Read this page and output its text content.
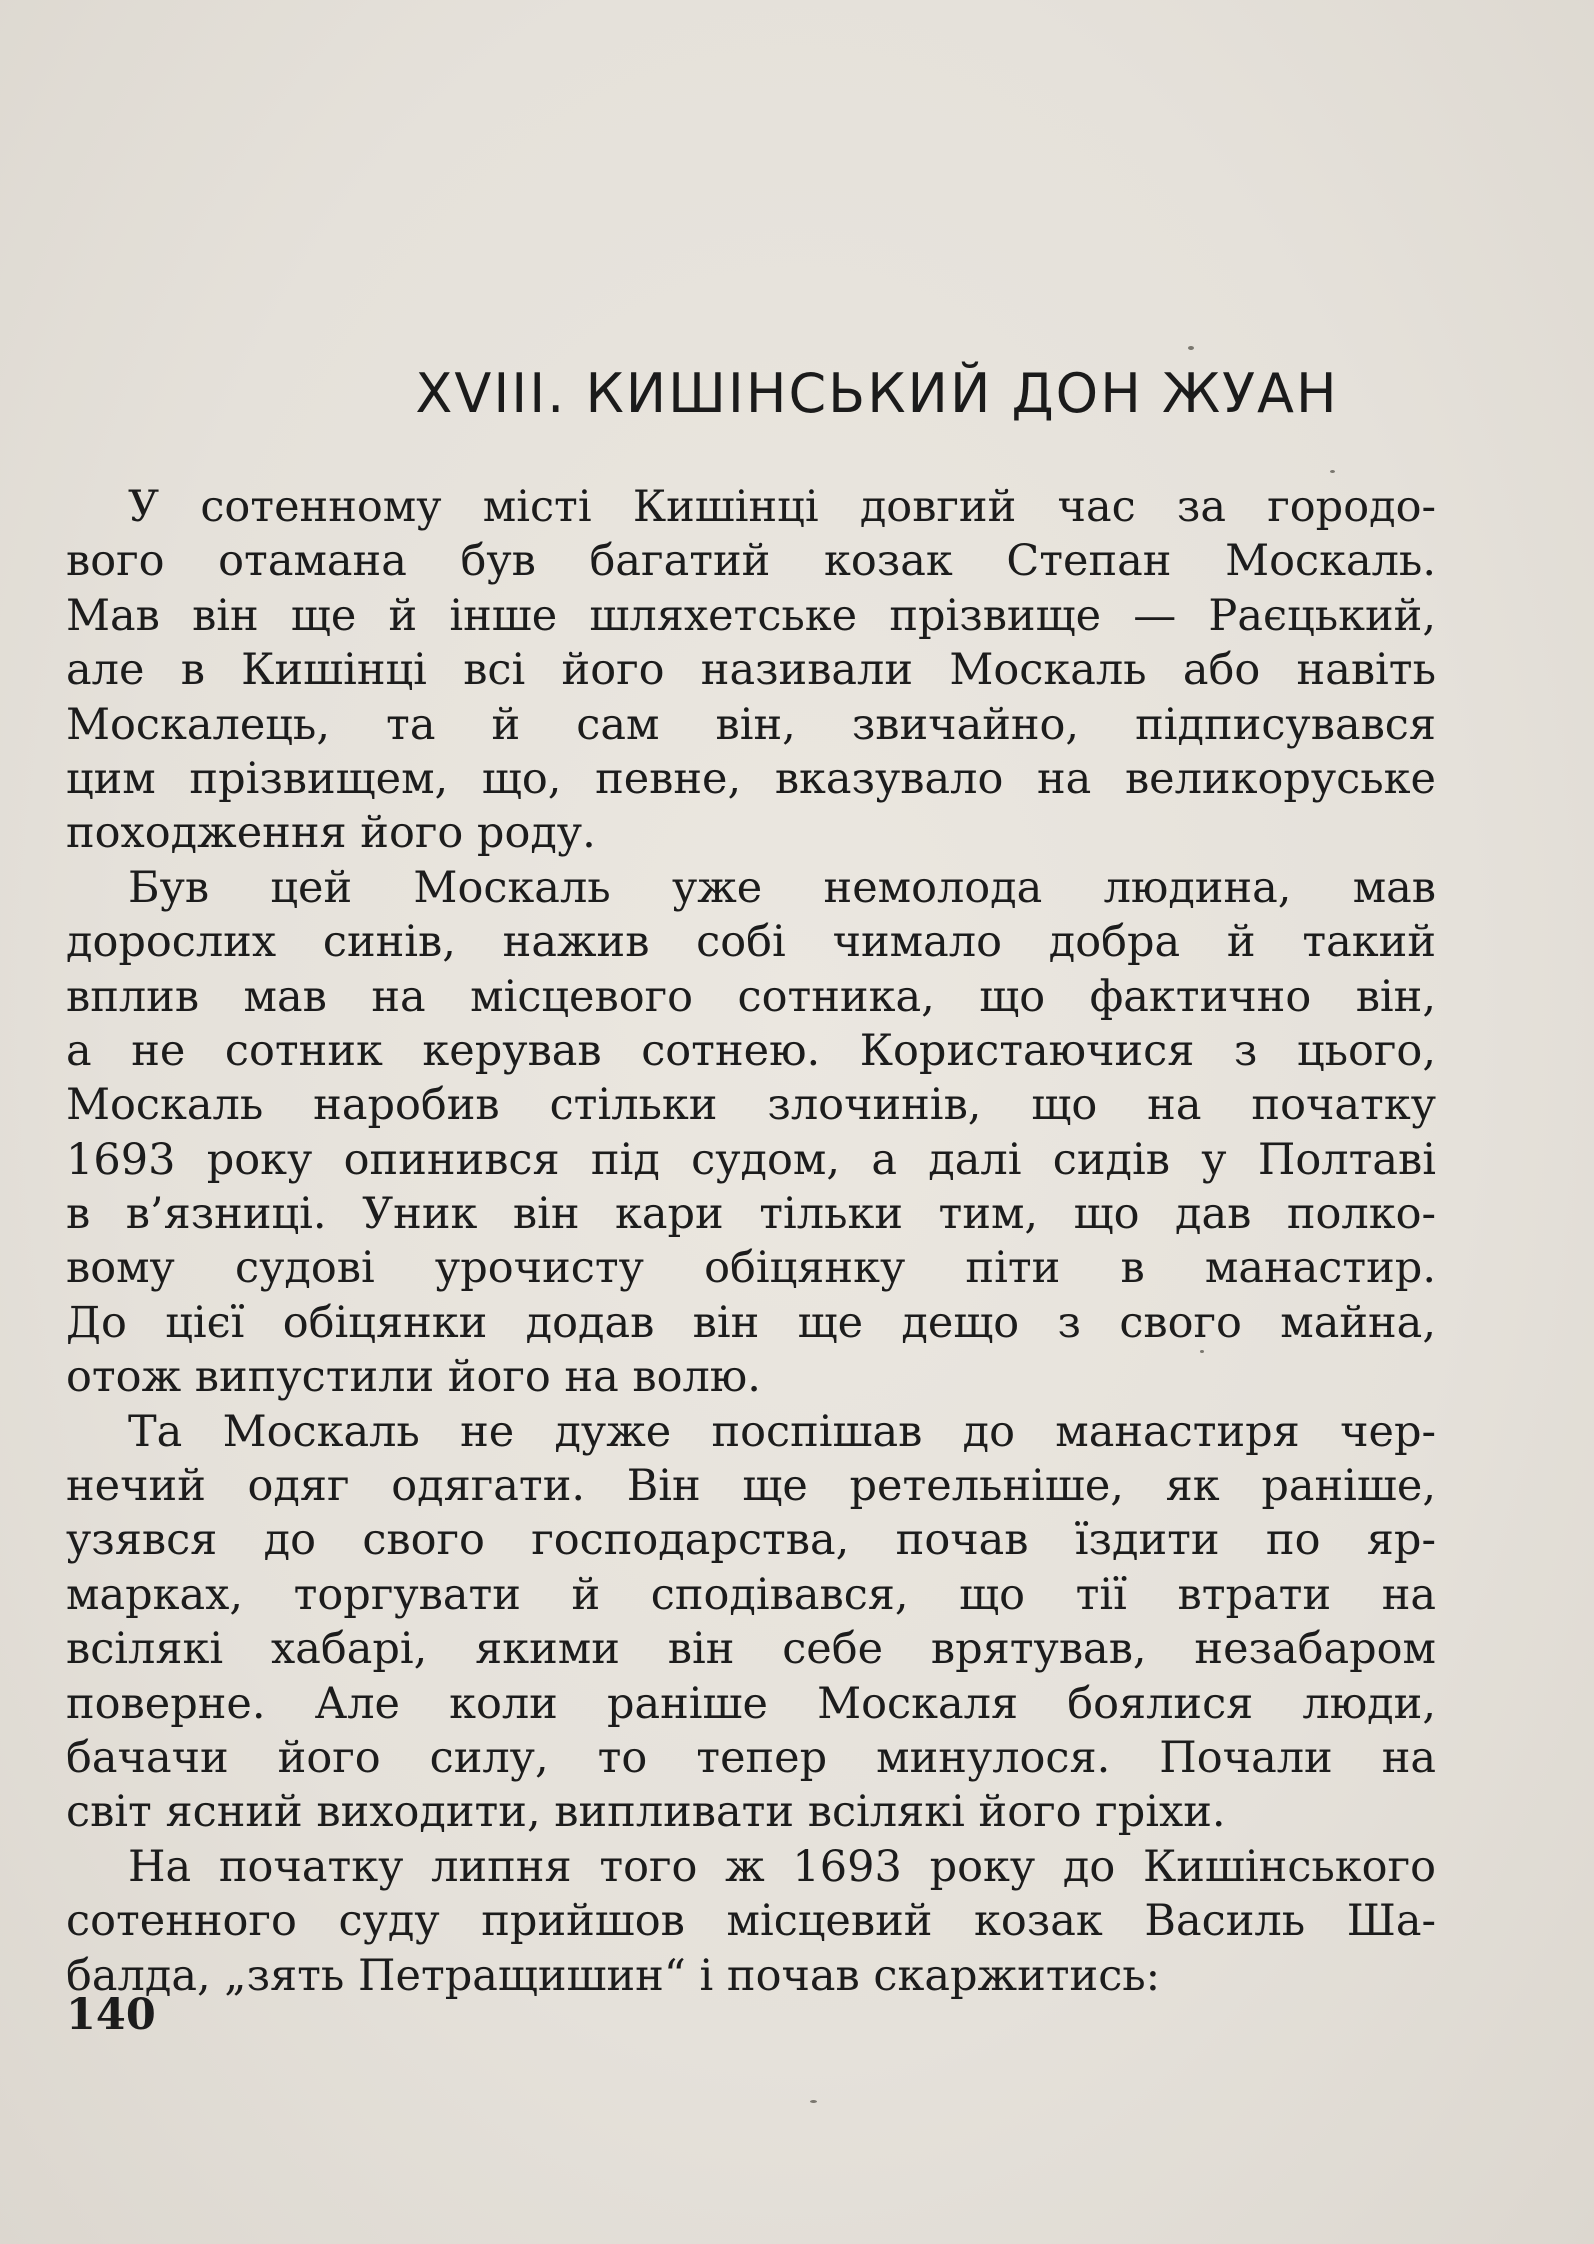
XVIII. КИШІНСЬКИЙ ДОН ЖУАН
У сотенному місті Кишінці довгий час за городо-
вого отамана був багатий козак Степан Москаль.
Мав він ще й інше шляхетське прізвище — Раєцький,
але в Кишінці всі його називали Москаль або навіть
Москалець, та й сам він, звичайно, підписувався
цим прізвищем, що, певне, вказувало на великоруське
походження його роду.
Був цей Москаль уже немолода людина, мав
дорослих синів, нажив собі чимало добра й такий
вплив мав на місцевого сотника, що фактично він,
а не сотник керував сотнею. Користаючися з цього,
Москаль наробив стільки злочинів, що на початку
1693 року опинився під судом, а далі сидів у Полтаві
в в’язниці. Уник він кари тільки тим, що дав полко-
вому судові урочисту обіцянку піти в манастир.
До цієї обіцянки додав він ще дещо з свого майна,
отож випустили його на волю.
Та Москаль не дуже поспішав до манастиря чер-
нечий одяг одягати. Він ще ретельніше, як раніше,
узявся до свого господарства, почав їздити по яр-
марках, торгувати й сподівався, що тії втрати на
всілякі хабарі, якими він себе врятував, незабаром
поверне. Але коли раніше Москаля боялися люди,
бачачи його силу, то тепер минулося. Почали на
світ ясний виходити, випливати всілякі його гріхи.
На початку липня того ж 1693 року до Кишінського
сотенного суду прийшов місцевий козак Василь Ша-
балда, „зять Петращишин“ і почав скаржитись:
140
